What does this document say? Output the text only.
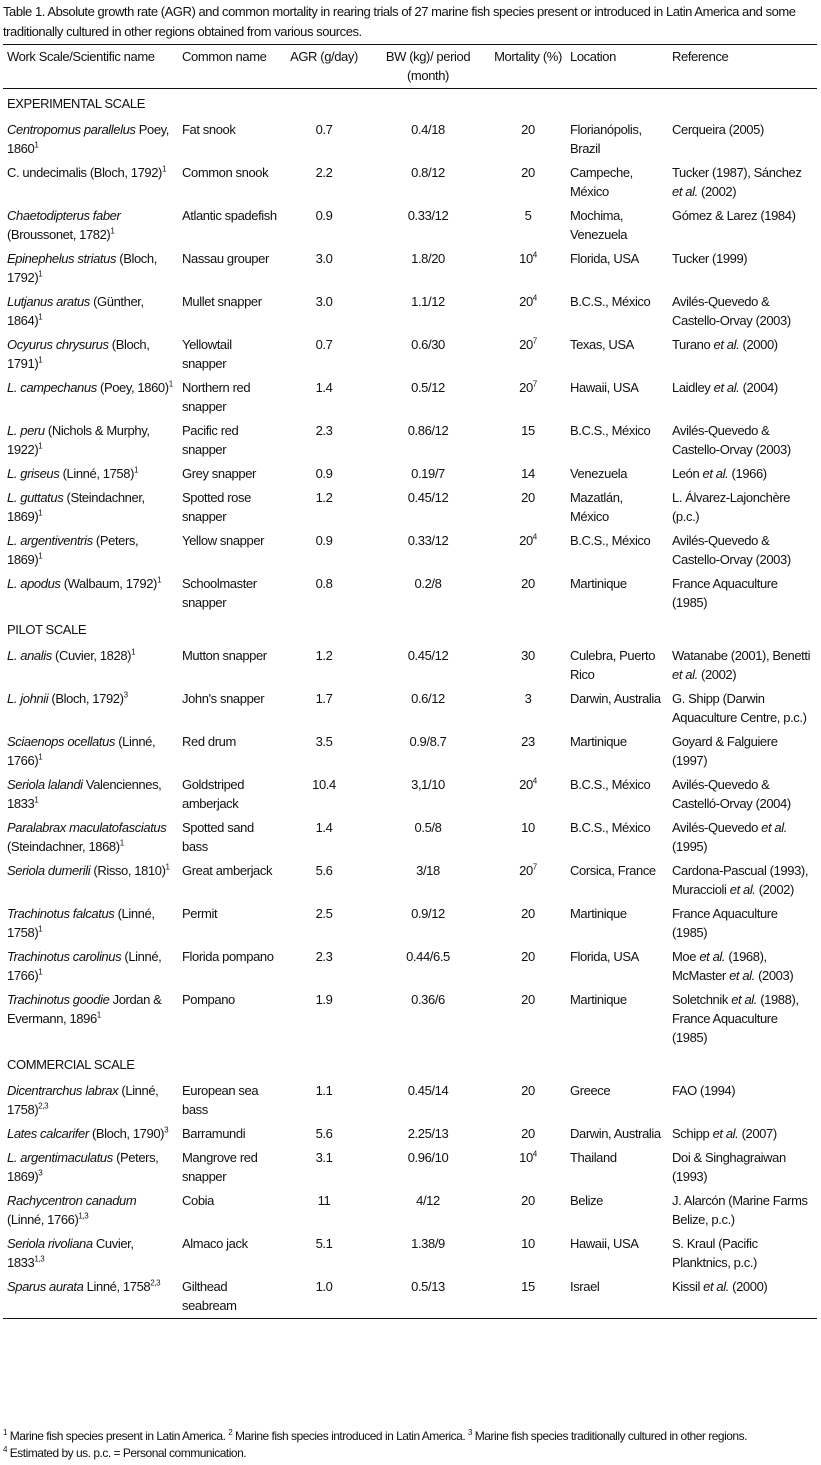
Table 1. Absolute growth rate (AGR) and common mortality in rearing trials of 27 marine fish species present or introduced in Latin America and some traditionally cultured in other regions obtained from various sources.
Work Scale/Scientific name	Common name	AGR (g/day)	BW (kg)/ period (month)	Mortality (%)	Location	Reference
EXPERIMENTAL SCALE						
Centropomus parallelus Poey, 1860$^1$	Fat snook	0.7	0.4/18	20	Florianópolis, Brazil	Cerqueira (2005)
C. undecimalis (Bloch, 1792)$^1$	Common snook	2.2	0.8/12	20	Campeche, México	Tucker (1987), Sánchez et al. (2002)
Chaetodipterus faber (Broussonet, 1782)$^1$	Atlantic spadefish	0.9	0.33/12	5	Mochima, Venezuela	Gómez & Larez (1984)
Epinephelus striatus (Bloch, 1792)$^1$	Nassau grouper	3.0	1.8/20	$10^4$	Florida, USA	Tucker (1999)
Lutjanus aratus (Günther, 1864)$^1$	Mullet snapper	3.0	1.1/12	$20^4$	B.C.S., México	Avilés-Quevedo & Castello-Orvay (2003)
Ocyurus chrysurus (Bloch, 1791)$^1$	Yellowtail snapper	0.7	0.6/30	$20^7$	Texas, USA	Turano et al. (2000)
L. campechanus (Poey, 1860)$^1$	Northern red snapper	1.4	0.5/12	$20^7$	Hawaii, USA	Laidley et al. (2004)
L. peru (Nichols & Murphy, 1922)$^1$	Pacific red snapper	2.3	0.86/12	15	B.C.S., México	Avilés-Quevedo & Castello-Orvay (2003)
L. griseus (Linné, 1758)$^1$	Grey snapper	0.9	0.19/7	14	Venezuela	León et al. (1966)
L. guttatus (Steindachner, 1869)$^1$	Spotted rose snapper	1.2	0.45/12	20	Mazatlán, México	L. Álvarez-Lajonchère (p.c.)
L. argentiventris (Peters, 1869)$^1$	Yellow snapper	0.9	0.33/12	$20^4$	B.C.S., México	Avilés-Quevedo & Castello-Orvay (2003)
L. apodus (Walbaum, 1792)$^1$	Schoolmaster snapper	0.8	0.2/8	20	Martinique	France Aquaculture (1985)
PILOT SCALE						
L. analis (Cuvier, 1828)$^1$	Mutton snapper	1.2	0.45/12	30	Culebra, Puerto Rico	Watanabe (2001), Benetti et al. (2002)
L. johnii (Bloch, 1792)$^3$	John's snapper	1.7	0.6/12	3	Darwin, Australia	G. Shipp (Darwin Aquaculture Centre, p.c.)
Sciaenops ocellatus (Linné, 1766)$^1$	Red drum	3.5	0.9/8.7	23	Martinique	Goyard & Falguiere (1997)
Seriola lalandi Valenciennes, 1833$^1$	Goldstriped amberjack	10.4	3,1/10	$20^4$	B.C.S., México	Avilés-Quevedo & Castelló-Orvay (2004)
Paralabrax maculatofasciatus (Steindachner, 1868)$^1$	Spotted sand bass	1.4	0.5/8	10	B.C.S., México	Avilés-Quevedo et al. (1995)
Seriola dumerili (Risso, 1810)$^1$	Great amberjack	5.6	3/18	$20^7$	Corsica, France	Cardona-Pascual (1993), Muraccioli et al. (2002)
Trachinotus falcatus (Linné, 1758)$^1$	Permit	2.5	0.9/12	20	Martinique	France Aquaculture (1985)
Trachinotus carolinus (Linné, 1766)$^1$	Florida pompano	2.3	0.44/6.5	20	Florida, USA	Moe et al. (1968), McMaster et al. (2003)
Trachinotus goodie Jordan & Evermann, 1896$^1$	Pompano	1.9	0.36/6	20	Martinique	Soletchnik et al. (1988), France Aquaculture (1985)
COMMERCIAL SCALE						
Dicentrarchus labrax (Linné, 1758)$^{2,3}$	European sea bass	1.1	0.45/14	20	Greece	FAO (1994)
Lates calcarifer (Bloch, 1790)$^3$	Barramundi	5.6	2.25/13	20	Darwin, Australia	Schipp et al. (2007)
L. argentimaculatus (Peters, 1869)$^3$	Mangrove red snapper	3.1	0.96/10	$10^4$	Thailand	Doi & Singhagraiwan (1993)
Rachycentron canadum (Linné, 1766)$^{1,3}$	Cobia	11	4/12	20	Belize	J. Alarcón (Marine Farms Belize, p.c.)
Seriola rivoliana Cuvier, 1833$^{1,3}$	Almaco jack	5.1	1.38/9	10	Hawaii, USA	S. Kraul (Pacific Planktnics, p.c.)
Sparus aurata Linné, 1758$^{2,3}$	Gilthead seabream	1.0	0.5/13	15	Israel	Kissil et al. (2000)
$^1$ Marine fish species present in Latin America. $^2$ Marine fish species introduced in Latin America. $^3$ Marine fish species traditionally cultured in other regions.
$^4$ Estimated by us. p.c. = Personal communication.
